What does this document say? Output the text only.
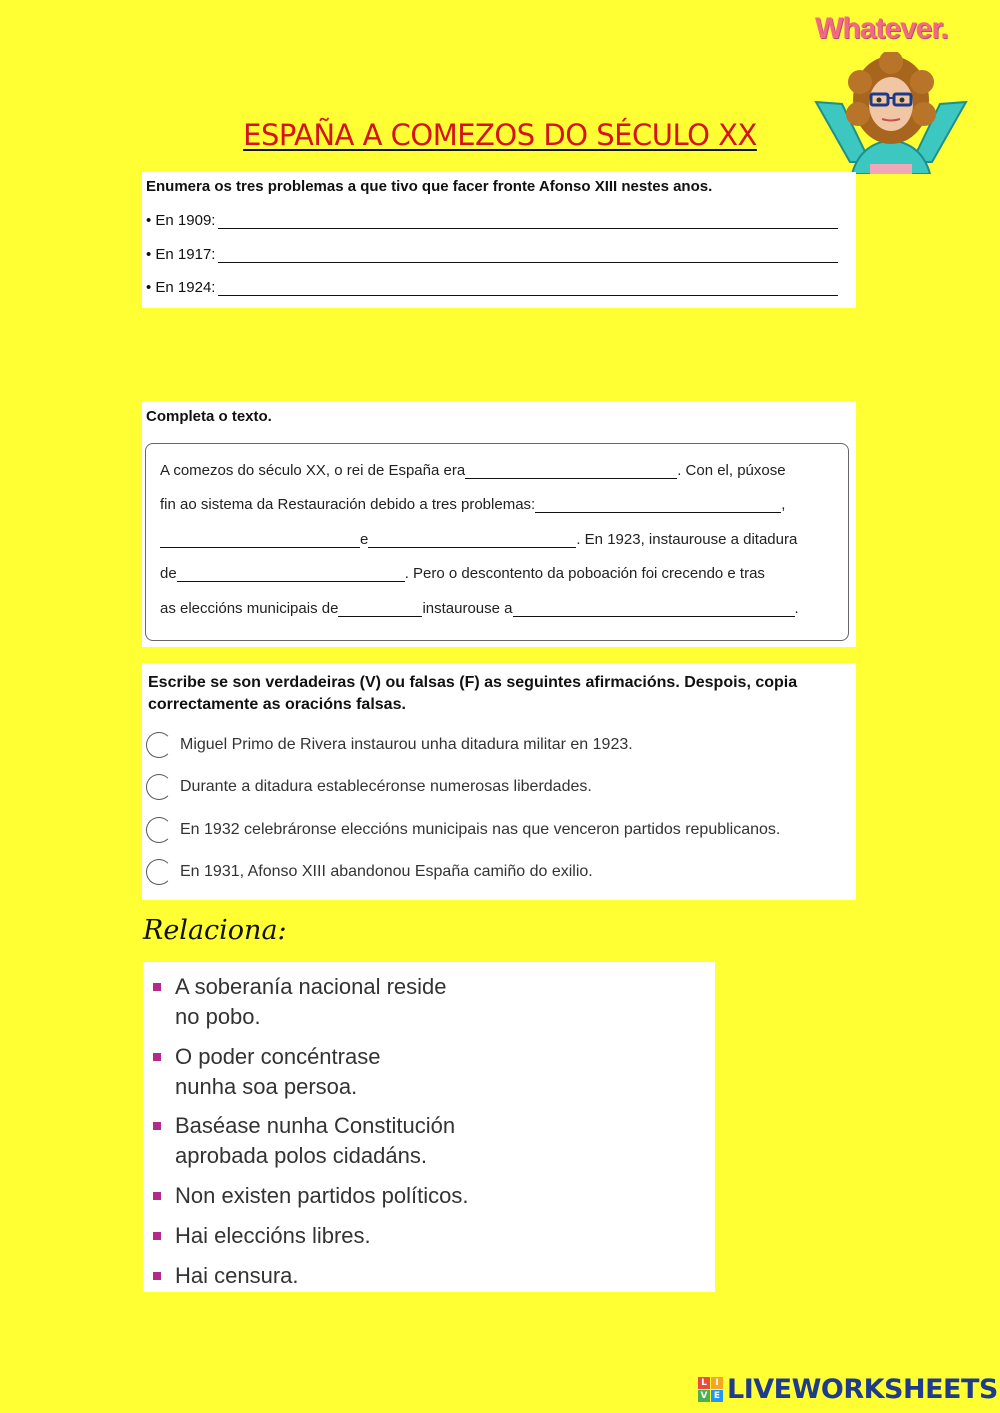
Whatever.
ESPAÑA A COMEZOS DO SÉCULO XX
Enumera os tres problemas a que tivo que facer fronte Afonso XIII nestes anos.
• En 1909:
• En 1917:
• En 1924:
Completa o texto.
A comezos do século XX, o rei de España era	. Con el, púxose
fin ao sistema da Restauración debido a tres problemas:	,
e	. En 1923, instaurouse a ditadura
de	. Pero o descontento da poboación foi crecendo e tras
as eleccións municipais de	instaurouse a	.
Escribe se son verdadeiras (V) ou falsas (F) as seguintes afirmacións. Despois, copia correctamente as oracións falsas.
Miguel Primo de Rivera instaurou unha ditadura militar en 1923.
Durante a ditadura establecéronse numerosas liberdades.
En 1932 celebráronse eleccións municipais nas que venceron partidos republicanos.
En 1931, Afonso XIII abandonou España camiño do exilio.
Relaciona:
A soberanía nacional reside
no pobo.
O poder concéntrase
nunha soa persoa.
Baséase nunha Constitución
aprobada polos cidadáns.
Non existen partidos políticos.
Hai eleccións libres.
Hai censura.
L I
V E LIVEWORKSHEETS
